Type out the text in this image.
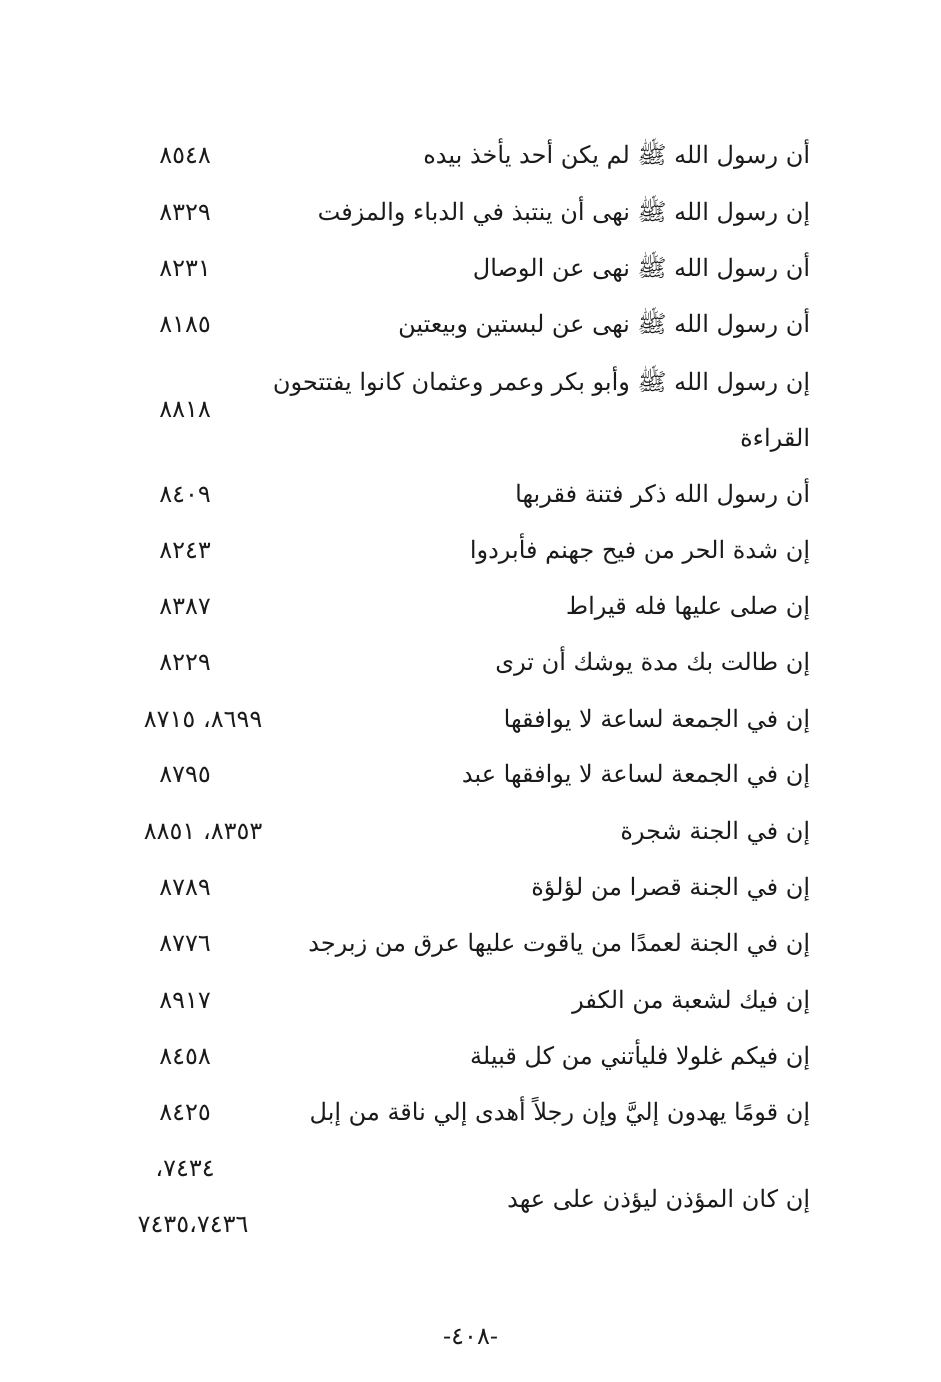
أن رسول الله ﷺ لم يكن أحد يأخذ بيده
٨٥٤٨
إن رسول الله ﷺ نهى أن ينتبذ في الدباء والمزفت
٨٣٢٩
أن رسول الله ﷺ نهى عن الوصال
٨٢٣١
أن رسول الله ﷺ نهى عن لبستين وبيعتين
٨١٨٥
إن رسول الله ﷺ وأبو بكر وعمر وعثمان كانوا يفتتحون القراءة
٨٨١٨
أن رسول الله ذكر فتنة فقربها
٨٤٠٩
إن شدة الحر من فيح جهنم فأبردوا
٨٢٤٣
إن صلى عليها فله قيراط
٨٣٨٧
إن طالت بك مدة يوشك أن ترى
٨٢٢٩
إن في الجمعة لساعة لا يوافقها
٨٦٩٩، ٨٧١٥
إن في الجمعة لساعة لا يوافقها عبد
٨٧٩٥
إن في الجنة شجرة
٨٣٥٣، ٨٨٥١
إن في الجنة قصرا من لؤلؤة
٨٧٨٩
إن في الجنة لعمدًا من ياقوت عليها عرق من زبرجد
٨٧٧٦
إن فيك لشعبة من الكفر
٨٩١٧
إن فيكم غلولا فليأتني من كل قبيلة
٨٤٥٨
إن قومًا يهدون إليَّ وإن رجلاً أهدى إلي ناقة من إبل
٨٤٢٥
إن كان المؤذن ليؤذن على عهد
٧٤٣٤،
٧٤٣٥،٧٤٣٦
-٤٠٨-
